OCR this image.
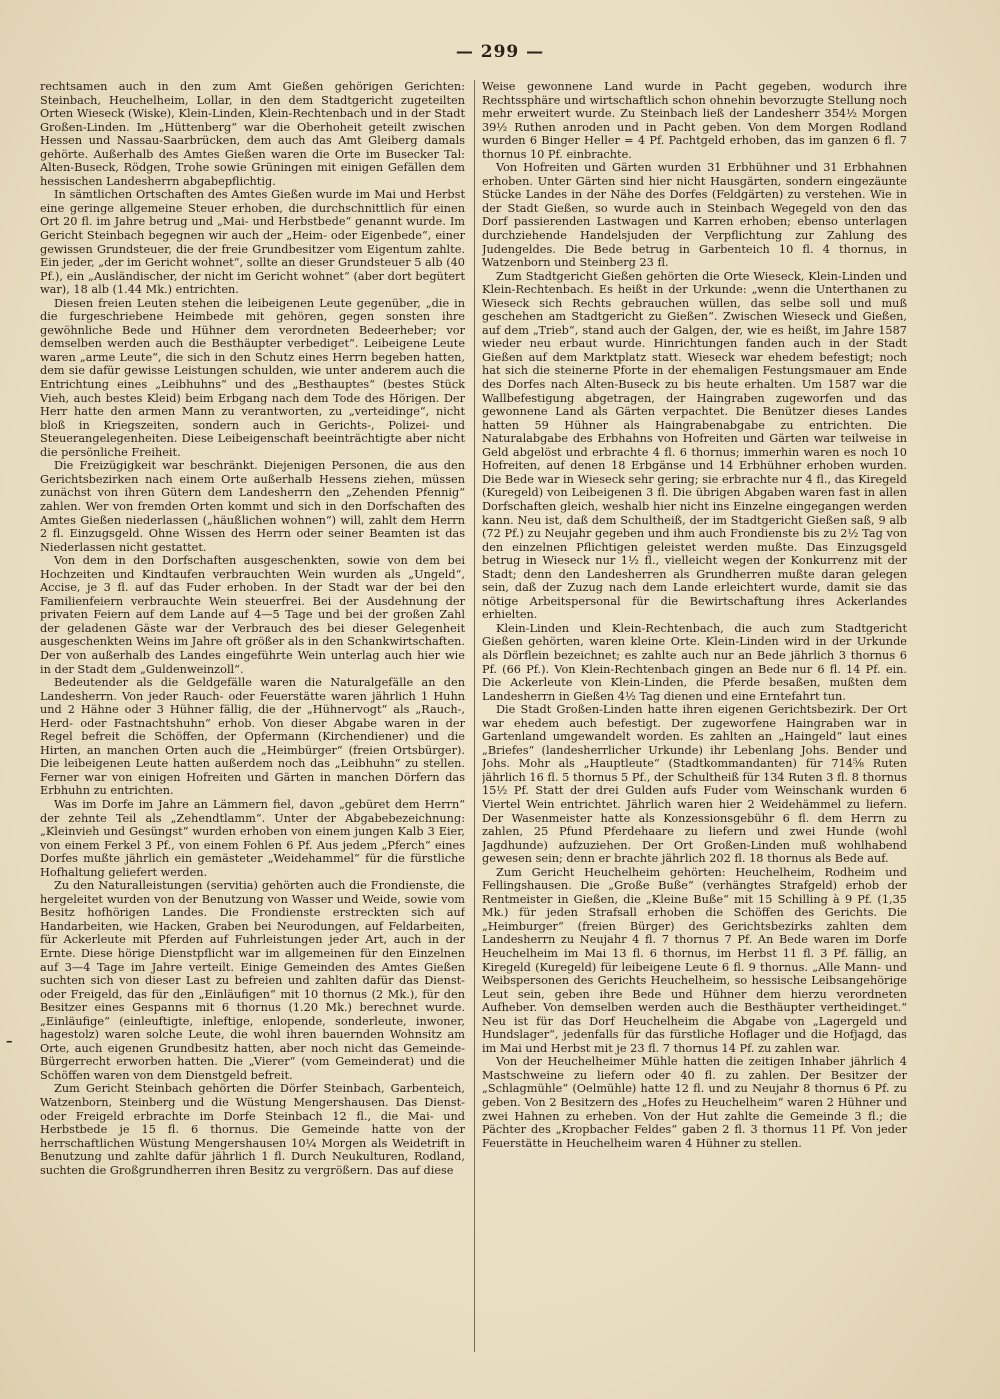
— 299 —

rechtsamen auch in den zum Amt Gießen gehörigen Gerichten: Steinbach, Heuchelheim, Lollar, in den dem Stadtgericht zugeteilten Orten Wieseck (Wiske), Klein-Linden, Klein-Rechtenbach und in der Stadt Großen-Linden. Im „Hüttenberg“ war die Oberhoheit geteilt zwischen Hessen und Nassau-Saarbrücken, dem auch das Amt Gleiberg damals gehörte. Außerhalb des Amtes Gießen waren die Orte im Busecker Tal: Alten-Buseck, Rödgen, Trohe sowie Grüningen mit einigen Gefällen dem hessischen Landesherrn abgabepflichtig.

In sämtlichen Ortschaften des Amtes Gießen wurde im Mai und Herbst eine geringe allgemeine Steuer erhoben, die durchschnittlich für einen Ort 20 fl. im Jahre betrug und „Mai- und Herbstbede“ genannt wurde. Im Gericht Steinbach begegnen wir auch der „Heim- oder Eigenbede“, einer gewissen Grundsteuer, die der freie Grundbesitzer vom Eigentum zahlte. Ein jeder, „der im Gericht wohnet“, sollte an dieser Grundsteuer 5 alb (40 Pf.), ein „Ausländischer, der nicht im Gericht wohnet“ (aber dort begütert war), 18 alb (1.44 Mk.) entrichten.

Diesen freien Leuten stehen die leibeigenen Leute gegenüber, „die in die furgeschriebene Heimbede mit gehören, gegen sonsten ihre gewöhnliche Bede und Hühner dem verordneten Bedeerheber; vor demselben werden auch die Besthäupter verbediget“. Leibeigene Leute waren „arme Leute“, die sich in den Schutz eines Herrn begeben hatten, dem sie dafür gewisse Leistungen schulden, wie unter anderem auch die Entrichtung eines „Leibhuhns“ und des „Besthauptes“ (bestes Stück Vieh, auch bestes Kleid) beim Erbgang nach dem Tode des Hörigen. Der Herr hatte den armen Mann zu verantworten, zu „verteidinge“, nicht bloß in Kriegszeiten, sondern auch in Gerichts-, Polizei- und Steuerangelegenheiten. Diese Leibeigenschaft beeinträchtigte aber nicht die persönliche Freiheit.

Die Freizügigkeit war beschränkt. Diejenigen Personen, die aus den Gerichtsbezirken nach einem Orte außerhalb Hessens ziehen, müssen zunächst von ihren Gütern dem Landesherrn den „Zehenden Pfennig“ zahlen. Wer von fremden Orten kommt und sich in den Dorfschaften des Amtes Gießen niederlassen („häußlichen wohnen“) will, zahlt dem Herrn 2 fl. Einzugsgeld. Ohne Wissen des Herrn oder seiner Beamten ist das Niederlassen nicht gestattet.

Von dem in den Dorfschaften ausgeschenkten, sowie von dem bei Hochzeiten und Kindtaufen verbrauchten Wein wurden als „Ungeld“, Accise, je 3 fl. auf das Fuder erhoben. In der Stadt war der bei den Familienfeiern verbrauchte Wein steuerfrei. Bei der Ausdehnung der privaten Feiern auf dem Lande auf 4—5 Tage und bei der großen Zahl der geladenen Gäste war der Verbrauch des bei dieser Gelegenheit ausgeschenkten Weins im Jahre oft größer als in den Schankwirtschaften. Der von außerhalb des Landes eingeführte Wein unterlag auch hier wie in der Stadt dem „Guldenweinzoll“.

Bedeutender als die Geldgefälle waren die Naturalgefälle an den Landesherrn. Von jeder Rauch- oder Feuerstätte waren jährlich 1 Huhn und 2 Hähne oder 3 Hühner fällig, die der „Hühnervogt“ als „Rauch-, Herd- oder Fastnachtshuhn“ erhob. Von dieser Abgabe waren in der Regel befreit die Schöffen, der Opfermann (Kirchendiener) und die Hirten, an manchen Orten auch die „Heimbürger“ (freien Ortsbürger). Die leibeigenen Leute hatten außerdem noch das „Leibhuhn“ zu stellen. Ferner war von einigen Hofreiten und Gärten in manchen Dörfern das Erbhuhn zu entrichten.

Was im Dorfe im Jahre an Lämmern fiel, davon „gebüret dem Herrn“ der zehnte Teil als „Zehendtlamm“. Unter der Abgabebezeichnung: „Kleinvieh und Gesüngst“ wurden erhoben von einem jungen Kalb 3 Eier, von einem Ferkel 3 Pf., von einem Fohlen 6 Pf. Aus jedem „Pferch“ eines Dorfes mußte jährlich ein gemästeter „Weidehammel“ für die fürstliche Hofhaltung geliefert werden.

Zu den Naturalleistungen (servitia) gehörten auch die Frondienste, die hergeleitet wurden von der Benutzung von Wasser und Weide, sowie vom Besitz hofhörigen Landes. Die Frondienste erstreckten sich auf Handarbeiten, wie Hacken, Graben bei Neurodungen, auf Feldarbeiten, für Ackerleute mit Pferden auf Fuhrleistungen jeder Art, auch in der Ernte. Diese hörige Dienstpflicht war im allgemeinen für den Einzelnen auf 3—4 Tage im Jahre verteilt. Einige Gemeinden des Amtes Gießen suchten sich von dieser Last zu befreien und zahlten dafür das Dienst- oder Freigeld, das für den „Einläufigen“ mit 10 thornus (2 Mk.), für den Besitzer eines Gespanns mit 6 thornus (1.20 Mk.) berechnet wurde. „Einläufige“ (einleuftigte, inleftige, enlopende, sonderleute, inwoner, hagestolz) waren solche Leute, die wohl ihren bauernden Wohnsitz am Orte, auch eigenen Grundbesitz hatten, aber noch nicht das Gemeinde-Bürgerrecht erworben hatten. Die „Vierer“ (vom Gemeinderat) und die Schöffen waren von dem Dienstgeld befreit.

Zum Gericht Steinbach gehörten die Dörfer Steinbach, Garbenteich, Watzenborn, Steinberg und die Wüstung Mengershausen. Das Dienst- oder Freigeld erbrachte im Dorfe Steinbach 12 fl., die Mai- und Herbstbede je 15 fl. 6 thornus. Die Gemeinde hatte von der herrschaftlichen Wüstung Mengershausen 10¼ Morgen als Weidetrift in Benutzung und zahlte dafür jährlich 1 fl. Durch Neukulturen, Rodland, suchten die Großgrundherren ihren Besitz zu vergrößern. Das auf diese

Weise gewonnene Land wurde in Pacht gegeben, wodurch ihre Rechtssphäre und wirtschaftlich schon ohnehin bevorzugte Stellung noch mehr erweitert wurde. Zu Steinbach ließ der Landesherr 354½ Morgen 39½ Ruthen anroden und in Pacht geben. Von dem Morgen Rodland wurden 6 Binger Heller = 4 Pf. Pachtgeld erhoben, das im ganzen 6 fl. 7 thornus 10 Pf. einbrachte.

Von Hofreiten und Gärten wurden 31 Erbhühner und 31 Erbhahnen erhoben. Unter Gärten sind hier nicht Hausgärten, sondern eingezäunte Stücke Landes in der Nähe des Dorfes (Feldgärten) zu verstehen. Wie in der Stadt Gießen, so wurde auch in Steinbach Wegegeld von den das Dorf passierenden Lastwagen und Karren erhoben; ebenso unterlagen durchziehende Handelsjuden der Verpflichtung zur Zahlung des Judengeldes. Die Bede betrug in Garbenteich 10 fl. 4 thornus, in Watzenborn und Steinberg 23 fl.

Zum Stadtgericht Gießen gehörten die Orte Wieseck, Klein-Linden und Klein-Rechtenbach. Es heißt in der Urkunde: „wenn die Unterthanen zu Wieseck sich Rechts gebrauchen wüllen, das selbe soll und muß geschehen am Stadtgericht zu Gießen“. Zwischen Wieseck und Gießen, auf dem „Trieb“, stand auch der Galgen, der, wie es heißt, im Jahre 1587 wieder neu erbaut wurde. Hinrichtungen fanden auch in der Stadt Gießen auf dem Marktplatz statt. Wieseck war ehedem befestigt; noch hat sich die steinerne Pforte in der ehemaligen Festungsmauer am Ende des Dorfes nach Alten-Buseck zu bis heute erhalten. Um 1587 war die Wallbefestigung abgetragen, der Haingraben zugeworfen und das gewonnene Land als Gärten verpachtet. Die Benützer dieses Landes hatten 59 Hühner als Haingrabenabgabe zu entrichten. Die Naturalabgabe des Erbhahns von Hofreiten und Gärten war teilweise in Geld abgelöst und erbrachte 4 fl. 6 thornus; immerhin waren es noch 10 Hofreiten, auf denen 18 Erbgänse und 14 Erbhühner erhoben wurden. Die Bede war in Wieseck sehr gering; sie erbrachte nur 4 fl., das Kiregeld (Kuregeld) von Leibeigenen 3 fl. Die übrigen Abgaben waren fast in allen Dorfschaften gleich, weshalb hier nicht ins Einzelne eingegangen werden kann. Neu ist, daß dem Schultheiß, der im Stadtgericht Gießen saß, 9 alb (72 Pf.) zu Neujahr gegeben und ihm auch Frondienste bis zu 2½ Tag von den einzelnen Pflichtigen geleistet werden mußte. Das Einzugsgeld betrug in Wieseck nur 1½ fl., vielleicht wegen der Konkurrenz mit der Stadt; denn den Landesherren als Grundherren mußte daran gelegen sein, daß der Zuzug nach dem Lande erleichtert wurde, damit sie das nötige Arbeitspersonal für die Bewirtschaftung ihres Ackerlandes erhielten.

Klein-Linden und Klein-Rechtenbach, die auch zum Stadtgericht Gießen gehörten, waren kleine Orte. Klein-Linden wird in der Urkunde als Dörflein bezeichnet; es zahlte auch nur an Bede jährlich 3 thornus 6 Pf. (66 Pf.). Von Klein-Rechtenbach gingen an Bede nur 6 fl. 14 Pf. ein. Die Ackerleute von Klein-Linden, die Pferde besaßen, mußten dem Landesherrn in Gießen 4½ Tag dienen und eine Erntefahrt tun.

Die Stadt Großen-Linden hatte ihren eigenen Gerichtsbezirk. Der Ort war ehedem auch befestigt. Der zugeworfene Haingraben war in Gartenland umgewandelt worden. Es zahlten an „Haingeld“ laut eines „Briefes“ (landesherrlicher Urkunde) ihr Lebenlang Johs. Bender und Johs. Mohr als „Hauptleute“ (Stadtkommandanten) für 714⅝ Ruten jährlich 16 fl. 5 thornus 5 Pf., der Schultheiß für 134 Ruten 3 fl. 8 thornus 15½ Pf. Statt der drei Gulden aufs Fuder vom Weinschank wurden 6 Viertel Wein entrichtet. Jährlich waren hier 2 Weidehämmel zu liefern. Der Wasenmeister hatte als Konzessionsgebühr 6 fl. dem Herrn zu zahlen, 25 Pfund Pferdehaare zu liefern und zwei Hunde (wohl Jagdhunde) aufzuziehen. Der Ort Großen-Linden muß wohlhabend gewesen sein; denn er brachte jährlich 202 fl. 18 thornus als Bede auf.

Zum Gericht Heuchelheim gehörten: Heuchelheim, Rodheim und Fellingshausen. Die „Große Buße“ (verhängtes Strafgeld) erhob der Rentmeister in Gießen, die „Kleine Buße“ mit 15 Schilling à 9 Pf. (1,35 Mk.) für jeden Strafsall erhoben die Schöffen des Gerichts. Die „Heimburger“ (freien Bürger) des Gerichtsbezirks zahlten dem Landesherrn zu Neujahr 4 fl. 7 thornus 7 Pf. An Bede waren im Dorfe Heuchelheim im Mai 13 fl. 6 thornus, im Herbst 11 fl. 3 Pf. fällig, an Kiregeld (Kuregeld) für leibeigene Leute 6 fl. 9 thornus. „Alle Mann- und Weibspersonen des Gerichts Heuchelheim, so hessische Leibsangehörige Leut sein, geben ihre Bede und Hühner dem hierzu verordneten Aufheber. Von demselben werden auch die Besthäupter vertheidinget.“ Neu ist für das Dorf Heuchelheim die Abgabe von „Lagergeld und Hundslager“, jedenfalls für das fürstliche Hoflager und die Hofjagd, das im Mai und Herbst mit je 23 fl. 7 thornus 14 Pf. zu zahlen war.

Von der Heuchelheimer Mühle hatten die zeitigen Inhaber jährlich 4 Mastschweine zu liefern oder 40 fl. zu zahlen. Der Besitzer der „Schlagmühle“ (Oelmühle) hatte 12 fl. und zu Neujahr 8 thornus 6 Pf. zu geben. Von 2 Besitzern des „Hofes zu Heuchelheim“ waren 2 Hühner und zwei Hahnen zu erheben. Von der Hut zahlte die Gemeinde 3 fl.; die Pächter des „Kropbacher Feldes“ gaben 2 fl. 3 thornus 11 Pf. Von jeder Feuerstätte in Heuchelheim waren 4 Hühner zu stellen.

–
